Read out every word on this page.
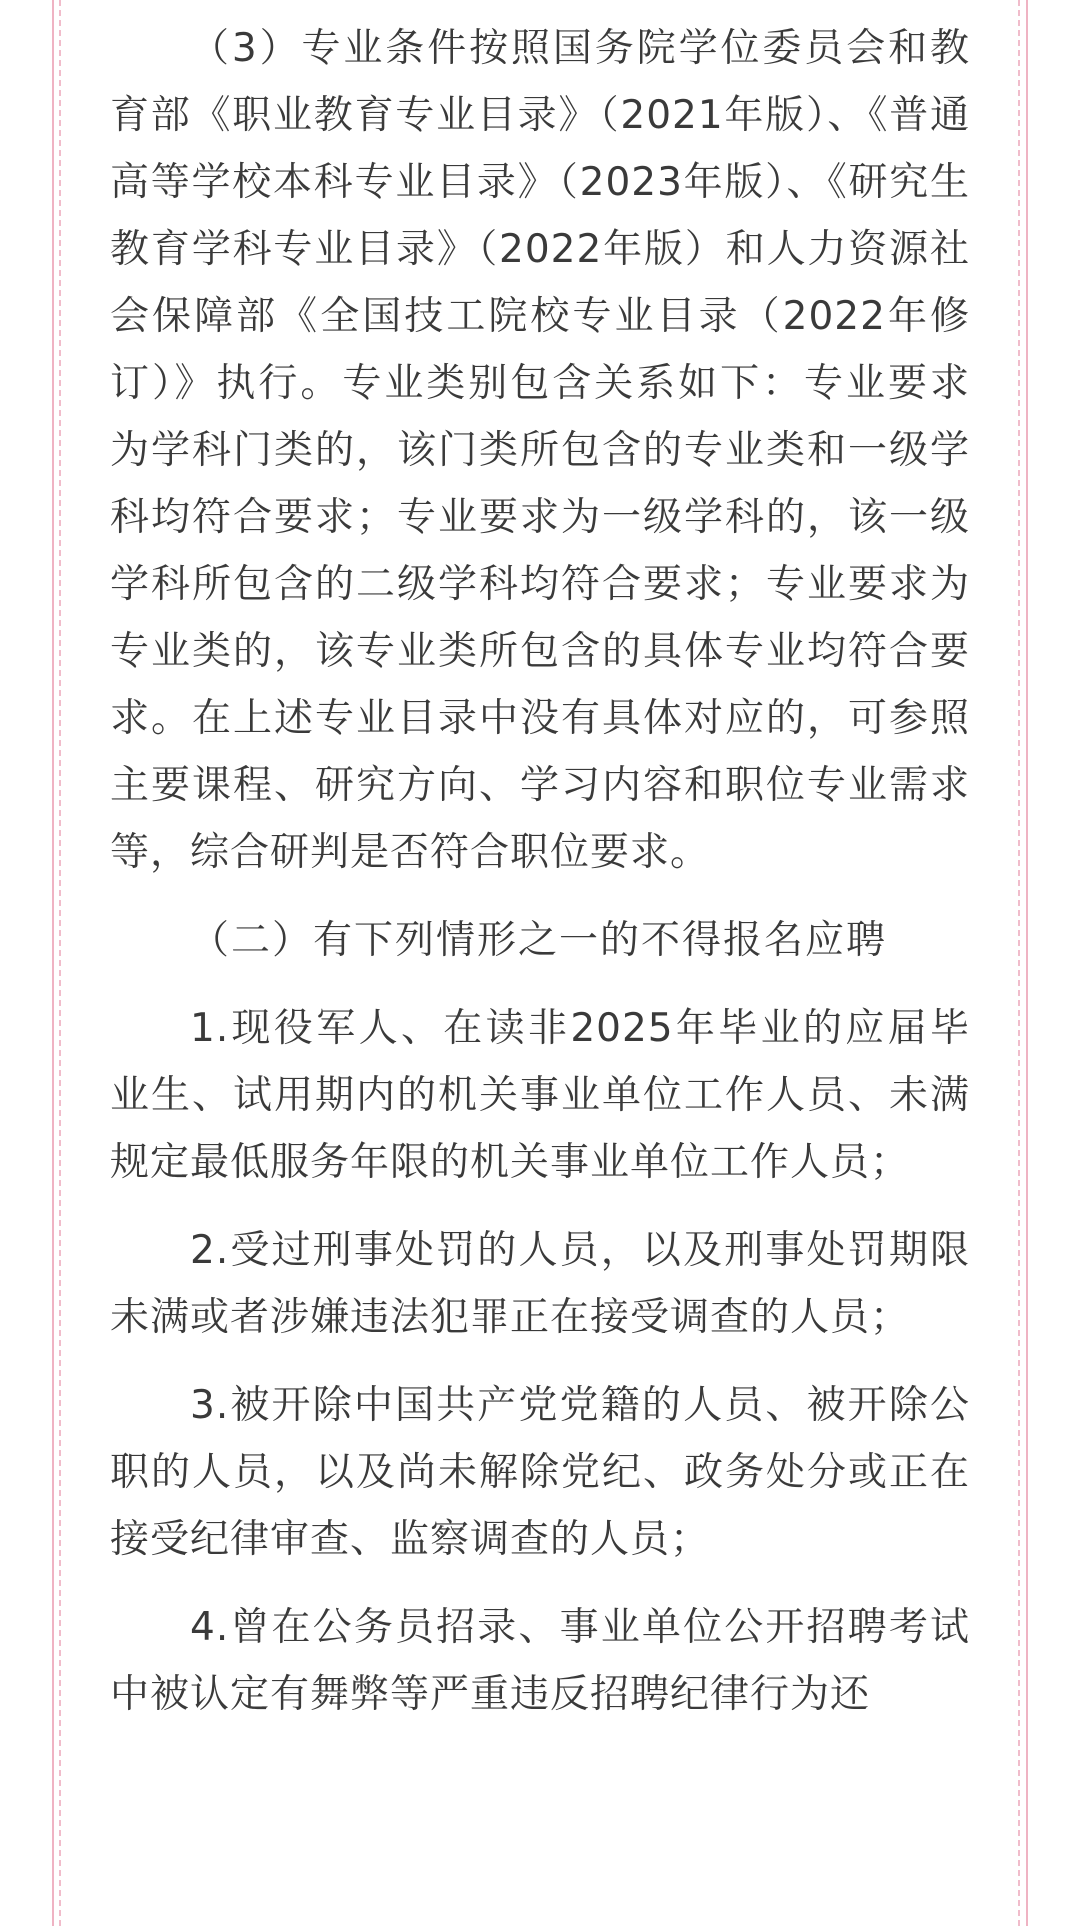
（3）专业条件按照国务院学位委员会和教育部《职业教育专业目录》（2021年版）、《普通高等学校本科专业目录》（2023年版）、《研究生教育学科专业目录》（2022年版）和人力资源社会保障部《全国技工院校专业目录（2022年修订）》执行。专业类别包含关系如下：专业要求为学科门类的，该门类所包含的专业类和一级学科均符合要求；专业要求为一级学科的，该一级学科所包含的二级学科均符合要求；专业要求为专业类的，该专业类所包含的具体专业均符合要求。在上述专业目录中没有具体对应的，可参照主要课程、研究方向、学习内容和职位专业需求等，综合研判是否符合职位要求。

（二）有下列情形之一的不得报名应聘

1.现役军人、在读非2025年毕业的应届毕业生、试用期内的机关事业单位工作人员、未满规定最低服务年限的机关事业单位工作人员；

2.受过刑事处罚的人员，以及刑事处罚期限未满或者涉嫌违法犯罪正在接受调查的人员；

3.被开除中国共产党党籍的人员、被开除公职的人员，以及尚未解除党纪、政务处分或正在接受纪律审查、监察调查的人员；

4.曾在公务员招录、事业单位公开招聘考试中被认定有舞弊等严重违反招聘纪律行为还
